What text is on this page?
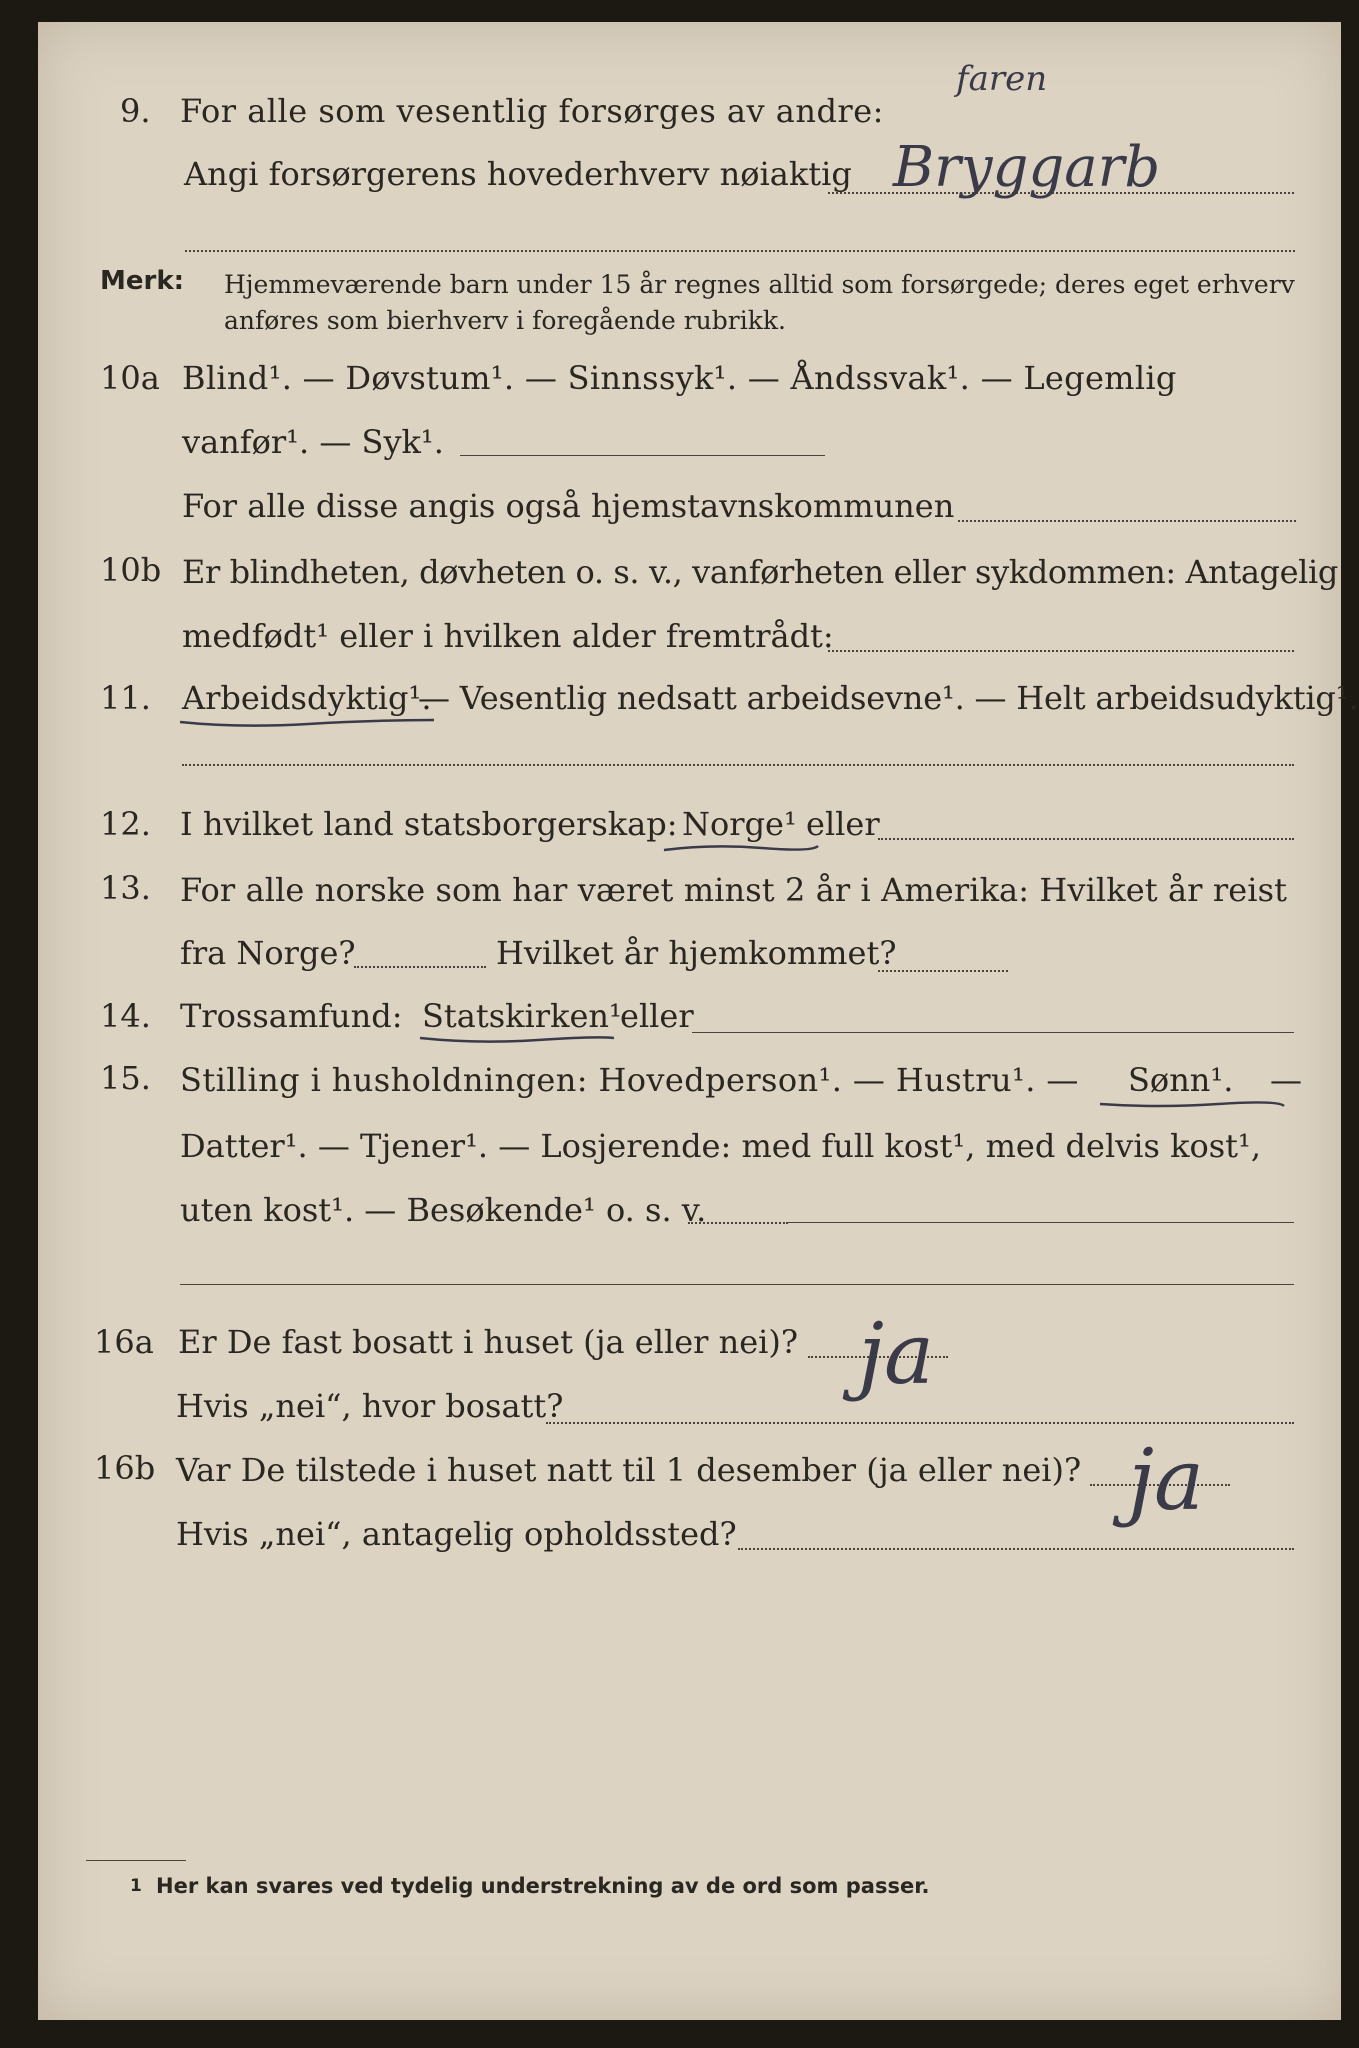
9. For alle som vesentlig forsørges av andre:
Angi forsørgerens hovederhverv nøiaktig
faren
Bryggarb
Merk: Hjemmeværende barn under 15 år regnes alltid som forsørgede; deres eget erhverv
anføres som bierhverv i foregående rubrikk.
10a Blind¹. — Døvstum¹. — Sinnssyk¹. — Åndssvak¹. — Legemlig
vanfør¹. — Syk¹.
For alle disse angis også hjemstavnskommunen
10b Er blindheten, døvheten o. s. v., vanførheten eller sykdommen: Antagelig
medfødt¹ eller i hvilken alder fremtrådt:
11. Arbeidsdyktig¹.
— Vesentlig nedsatt arbeidsevne¹. — Helt arbeidsudyktig¹.
12. I hvilket land statsborgerskap: Norge¹ eller
13. For alle norske som har været minst 2 år i Amerika: Hvilket år reist
fra Norge?	Hvilket år hjemkommet?
14. Trossamfund: Statskirken¹
eller
15. Stilling i husholdningen: Hovedperson¹. — Hustru¹. — Sønn¹. —
Datter¹. — Tjener¹. — Losjerende: med full kost¹, med delvis kost¹,
uten kost¹. — Besøkende¹ o. s. v.
16a Er De fast bosatt i huset (ja eller nei)? ja
Hvis „nei“, hvor bosatt?
16b Var De tilstede i huset natt til 1 desember (ja eller nei)? ja
Hvis „nei“, antagelig opholdssted?
1 Her kan svares ved tydelig understrekning av de ord som passer.
